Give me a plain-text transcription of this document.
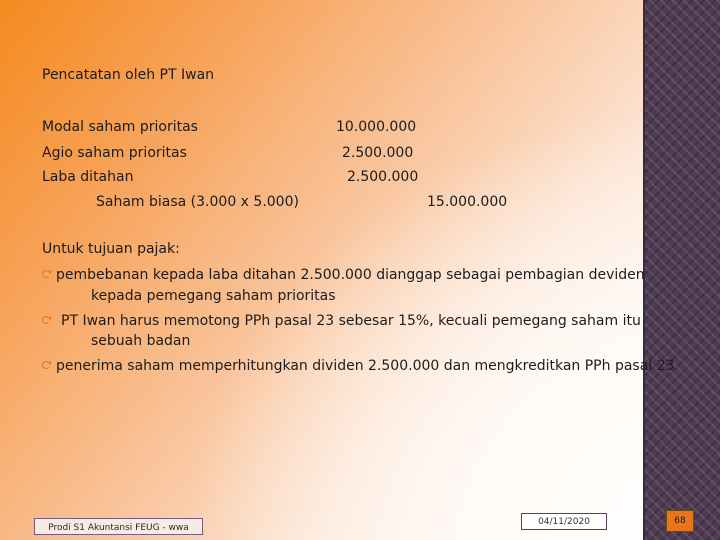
Pencatatan oleh PT Iwan
Modal saham prioritas	10.000.000
Agio saham prioritas	2.500.000
Laba ditahan	2.500.000
Saham biasa (3.000 x 5.000)	15.000.000
Untuk tujuan pajak:
pembebanan kepada laba ditahan 2.500.000 dianggap sebagai pembagian deviden
kepada pemegang saham prioritas
PT Iwan harus memotong PPh pasal 23 sebesar 15%, kecuali pemegang saham itu
sebuah badan
penerima saham memperhitungkan dividen 2.500.000 dan mengkreditkan PPh pasal 23
Prodi S1 Akuntansi FEUG - wwa
04/11/2020	68
